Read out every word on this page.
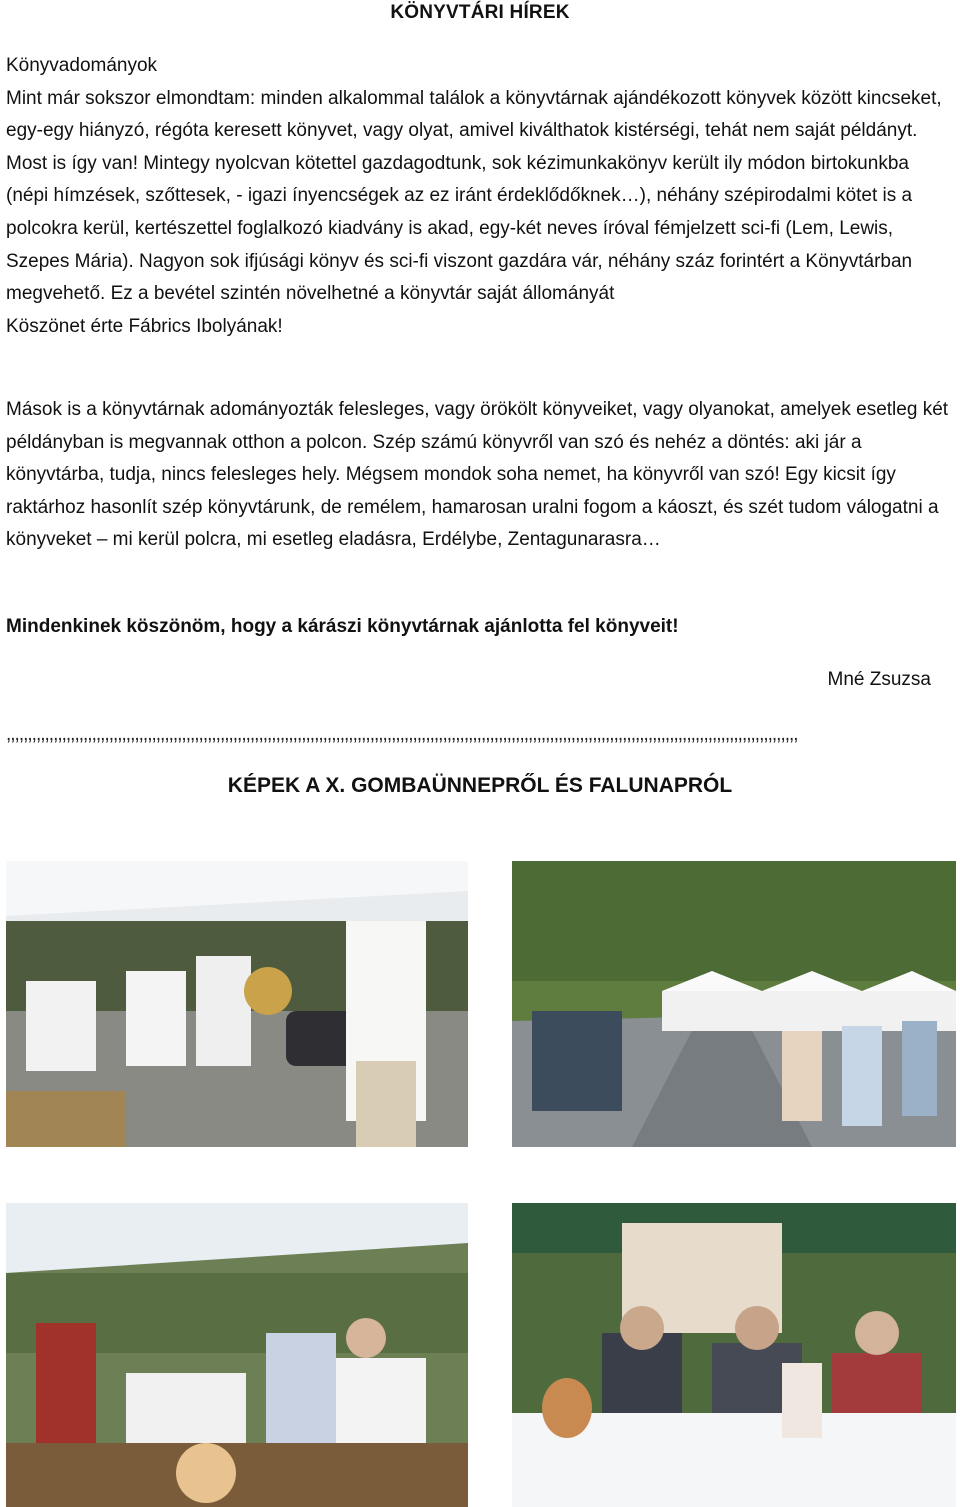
KÖNYVTÁRI HÍREK

Könyvadományok
Mint már sokszor elmondtam: minden alkalommal találok a könyvtárnak ajándékozott könyvek között kincseket, egy-egy hiányzó, régóta keresett könyvet, vagy olyat, amivel kiválthatok kistérségi, tehát nem saját példányt. Most is így van! Mintegy nyolcvan kötettel gazdagodtunk, sok kézimunkakönyv került ily módon birtokunkba (népi hímzések, szőttesek, - igazi ínyencségek az ez iránt érdeklődőknek…), néhány szépirodalmi kötet is a polcokra kerül, kertészettel foglalkozó kiadvány is akad, egy-két neves íróval fémjelzett sci-fi (Lem, Lewis, Szepes Mária). Nagyon sok ifjúsági könyv és sci-fi viszont gazdára vár, néhány száz forintért a Könyvtárban megvehető. Ez a bevétel szintén növelhetné a könyvtár saját állományát
Köszönet érte Fábrics Ibolyának!

Mások is a könyvtárnak adományozták felesleges, vagy örökölt könyveiket, vagy olyanokat, amelyek esetleg két példányban is megvannak otthon a polcon. Szép számú könyvről van szó és nehéz a döntés: aki jár a könyvtárba, tudja, nincs felesleges hely. Mégsem mondok soha nemet, ha könyvről van szó! Egy kicsit így raktárhoz hasonlít szép könyvtárunk, de remélem, hamarosan uralni fogom a káoszt, és szét tudom válogatni a könyveket – mi kerül polcra, mi esetleg eladásra, Erdélybe, Zentagunarasra…

Mindenkinek köszönöm, hogy a kárászi könyvtárnak ajánlotta fel könyveit!

Mné Zsuzsa
,,,,,,,,,,,,,,,,,,,,,,,,,,,,,,,,,,,,,,,,,,,,,,,,,,,,,,,,,,,,,,,,,,,,,,,,,,,,,,,,,,,,,,,,,,,,,,,,,,,,,,,,,,,,,,,,,,,,,,,,,,,,,,,,,,,,,,,,,,,,,,,,,,,,,,,,,,,,,,,,,,,,,,,,,,,,,,,,,,,,,,,,,
KÉPEK A X. GOMBAÜNNEPRŐL ÉS FALUNAPRÓL
